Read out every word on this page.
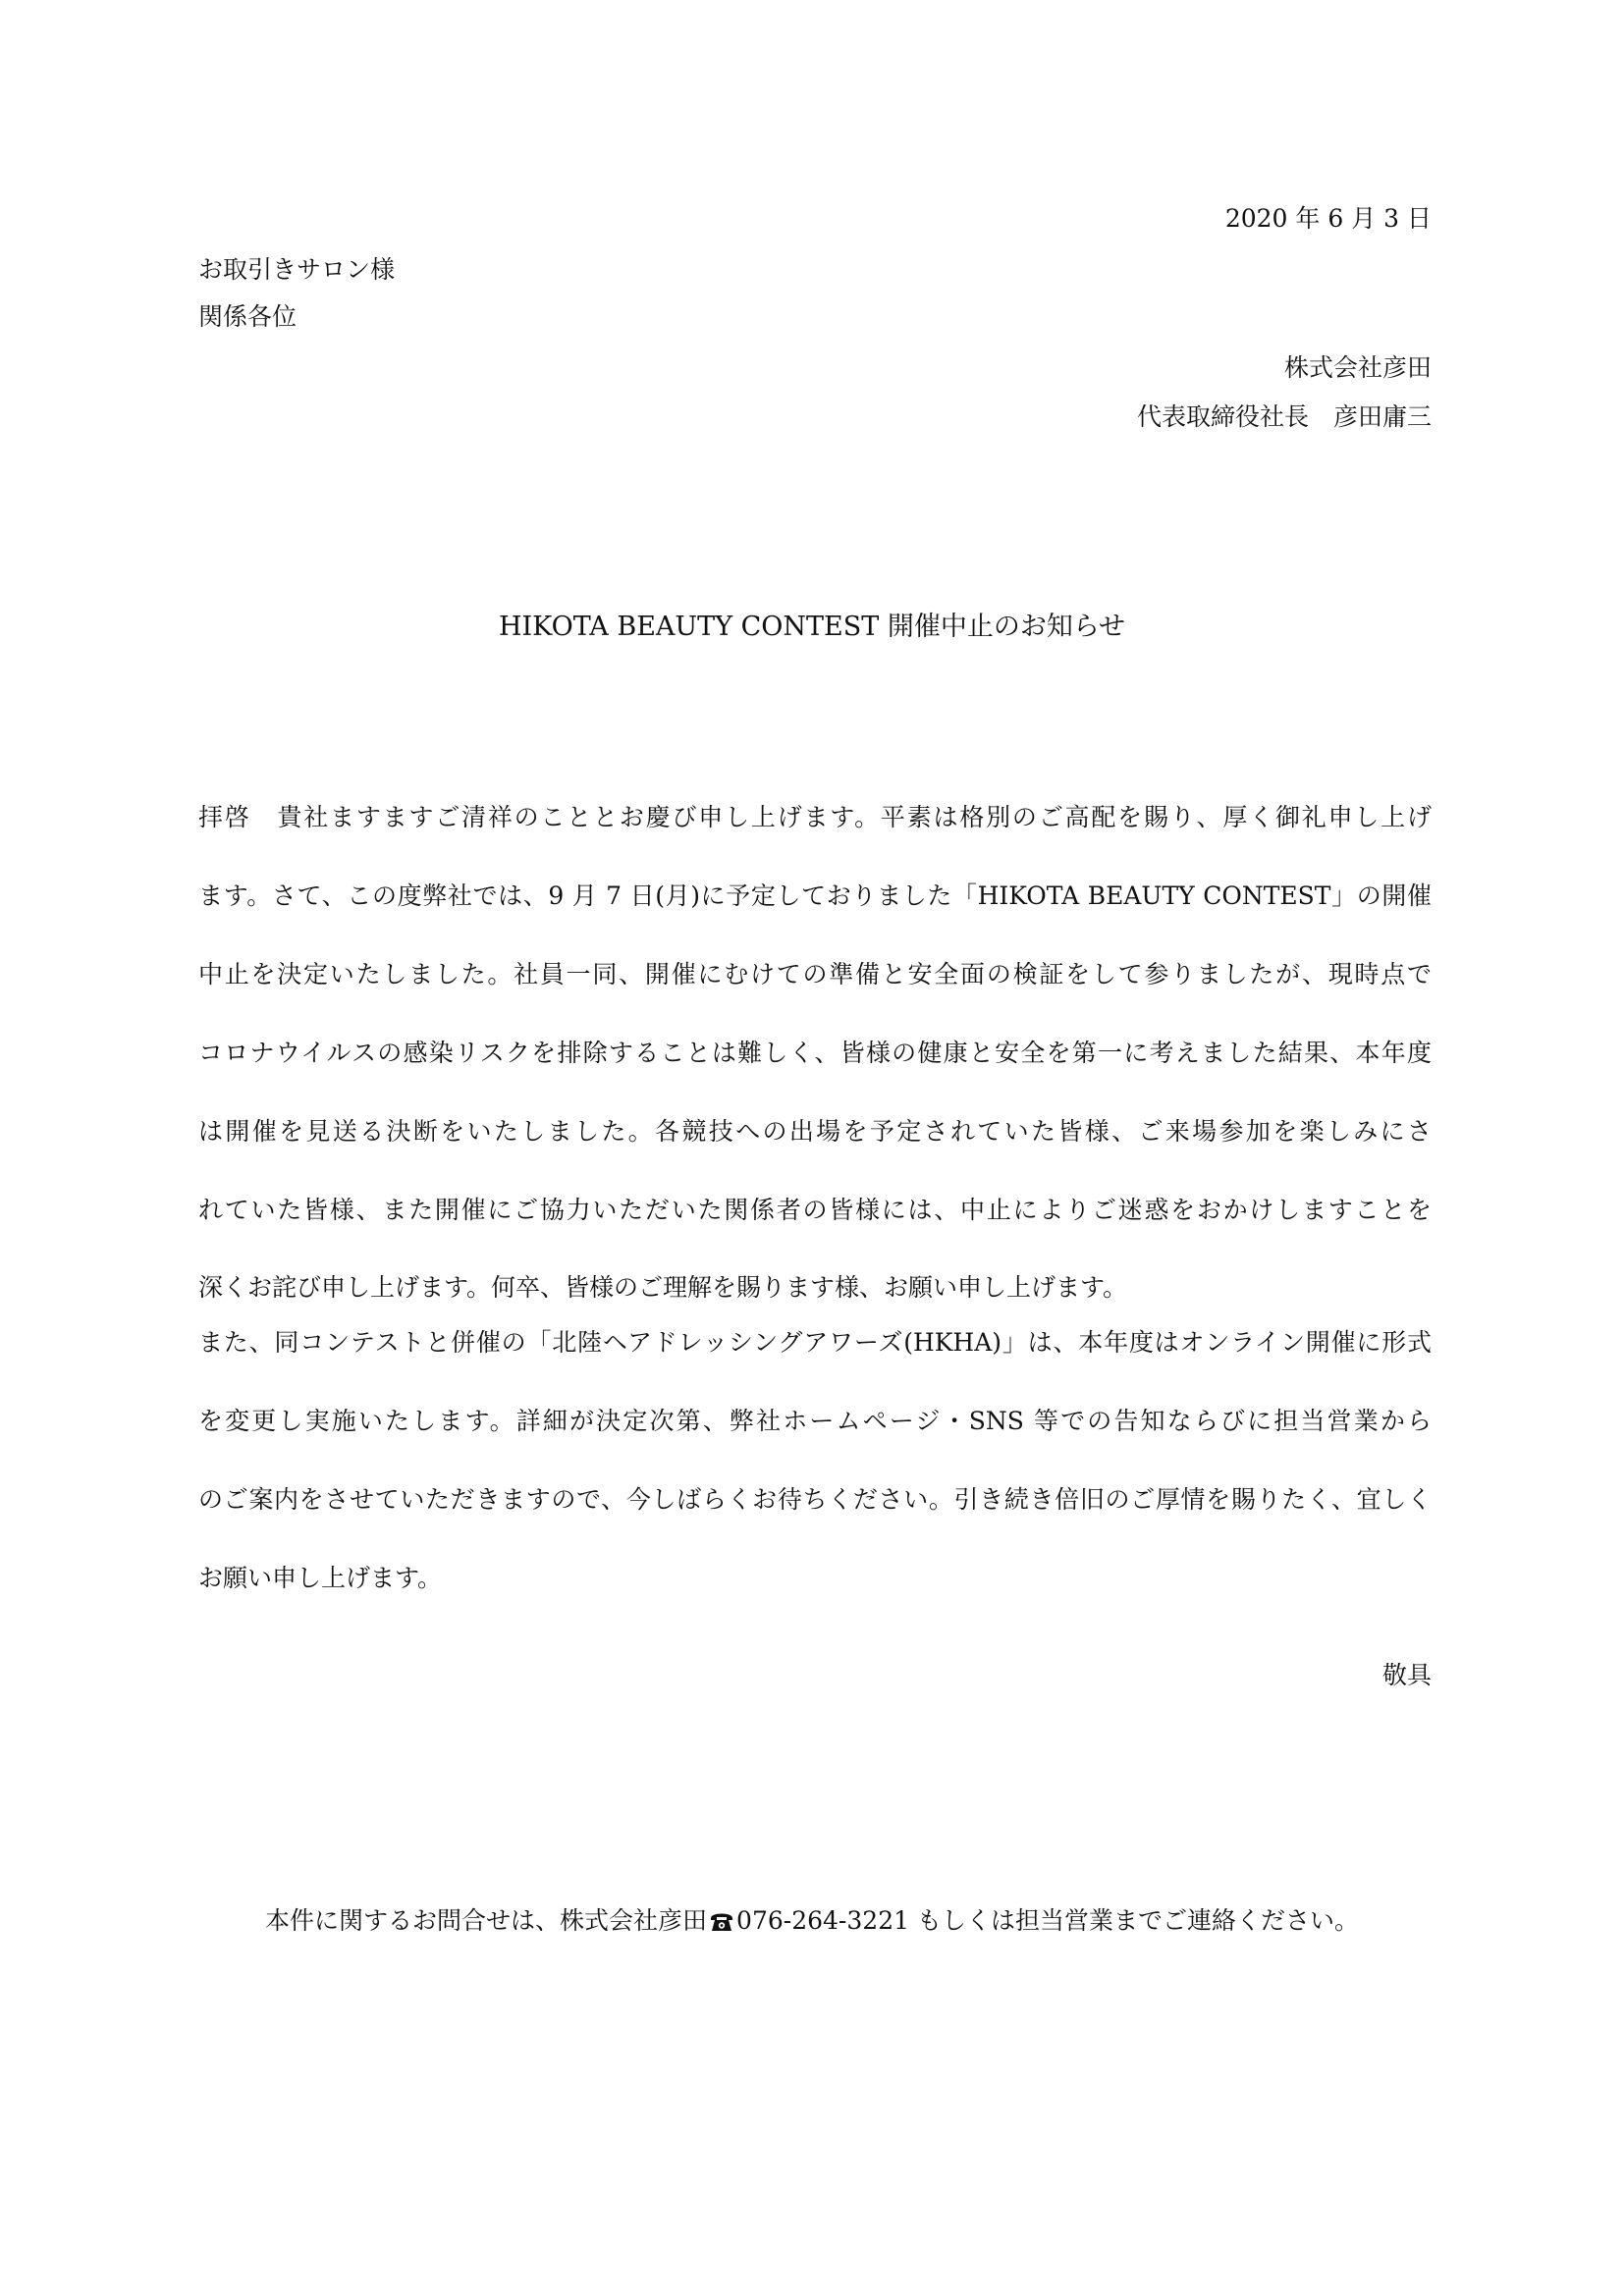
2020 年 6 月 3 日
お取引きサロン様
関係各位
株式会社彦田
代表取締役社長　彦田庸三
HIKOTA BEAUTY CONTEST 開催中止のお知らせ
拝啓　貴社ますますご清祥のこととお慶び申し上げます。平素は格別のご高配を賜り、厚く御礼申し上げ
ます。さて、この度弊社では、9 月 7 日(月)に予定しておりました「HIKOTA BEAUTY CONTEST」の開催
中止を決定いたしました。社員一同、開催にむけての準備と安全面の検証をして参りましたが、現時点で
コロナウイルスの感染リスクを排除することは難しく、皆様の健康と安全を第一に考えました結果、本年度
は開催を見送る決断をいたしました。各競技への出場を予定されていた皆様、ご来場参加を楽しみにさ
れていた皆様、また開催にご協力いただいた関係者の皆様には、中止によりご迷惑をおかけしますことを
深くお詫び申し上げます。何卒、皆様のご理解を賜ります様、お願い申し上げます。
また、同コンテストと併催の「北陸ヘアドレッシングアワーズ(HKHA)」は、本年度はオンライン開催に形式
を変更し実施いたします。詳細が決定次第、弊社ホームページ・SNS 等での告知ならびに担当営業から
のご案内をさせていただきますので、今しばらくお待ちください。引き続き倍旧のご厚情を賜りたく、宜しく
お願い申し上げます。
敬具
本件に関するお問合せは、株式会社彦田 076-264-3221 もしくは担当営業までご連絡ください。
